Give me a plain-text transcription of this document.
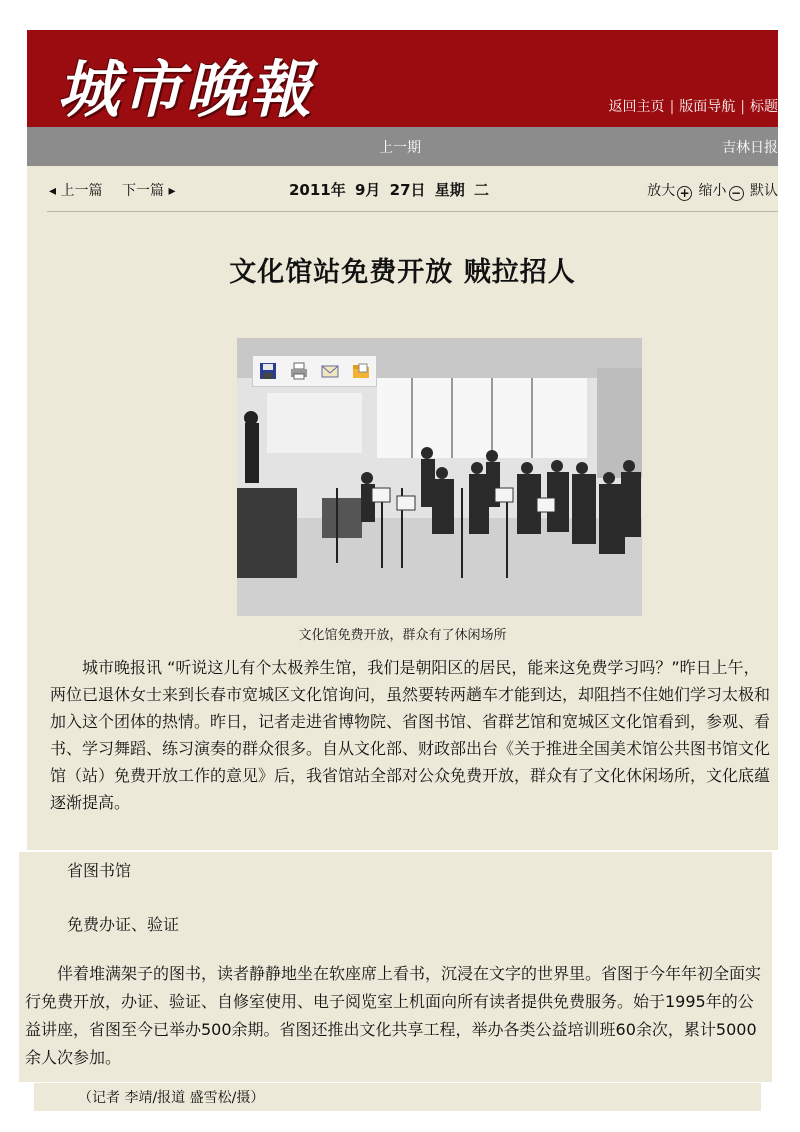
城市晚報	返回主页 | 版面导航 | 标题
上一期	吉林日报
◂ 上一篇 下一篇 ▸	2011年 9月 27日 星期 二	放大 + 缩小 − 默认
文化馆站免费开放 贼拉招人
文化馆免费开放，群众有了休闲场所
城市晚报讯 “听说这儿有个太极养生馆，我们是朝阳区的居民，能来这免费学习吗？”昨日上午，两位已退休女士来到长春市宽城区文化馆询问，虽然要转两趟车才能到达，却阻挡不住她们学习太极和加入这个团体的热情。昨日，记者走进省博物院、省图书馆、省群艺馆和宽城区文化馆看到，参观、看书、学习舞蹈、练习演奏的群众很多。自从文化部、财政部出台《关于推进全国美术馆公共图书馆文化馆（站）免费开放工作的意见》后，我省馆站全部对公众免费开放，群众有了文化休闲场所，文化底蕴逐渐提高。
省图书馆
免费办证、验证
伴着堆满架子的图书，读者静静地坐在软座席上看书，沉浸在文字的世界里。省图于今年年初全面实行免费开放，办证、验证、自修室使用、电子阅览室上机面向所有读者提供免费服务。始于1995年的公益讲座，省图至今已举办500余期。省图还推出文化共享工程，举办各类公益培训班60余次，累计5000余人次参加。
（记者 李靖/报道 盛雪松/摄）
